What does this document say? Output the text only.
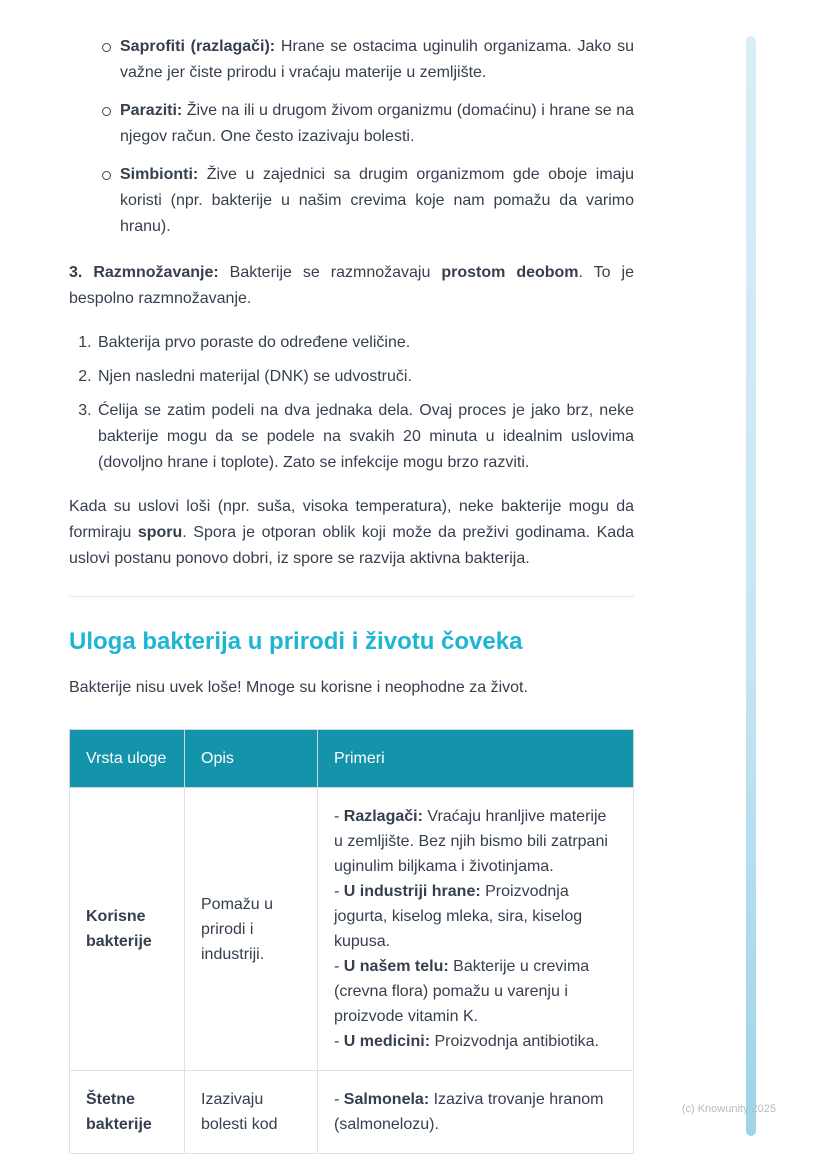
Saprofiti (razlagači): Hrane se ostacima uginulih organizama. Jako su važne jer čiste prirodu i vraćaju materije u zemljište.
Paraziti: Žive na ili u drugom živom organizmu (domaćinu) i hrane se na njegov račun. One često izazivaju bolesti.
Simbionti: Žive u zajednici sa drugim organizmom gde oboje imaju koristi (npr. bakterije u našim crevima koje nam pomažu da varimo hranu).

3. Razmnožavanje: Bakterije se razmnožavaju prostom deobom. To je bespolno razmnožavanje.

1. Bakterija prvo poraste do određene veličine.
2. Njen nasledni materijal (DNK) se udvostruči.
3. Ćelija se zatim podeli na dva jednaka dela. Ovaj proces je jako brz, neke bakterije mogu da se podele na svakih 20 minuta u idealnim uslovima (dovoljno hrane i toplote). Zato se infekcije mogu brzo razviti.

Kada su uslovi loši (npr. suša, visoka temperatura), neke bakterije mogu da formiraju sporu. Spora je otporan oblik koji može da preživi godinama. Kada uslovi postanu ponovo dobri, iz spore se razvija aktivna bakterija.

Uloga bakterija u prirodi i životu čoveka

Bakterije nisu uvek loše! Mnoge su korisne i neophodne za život.

Vrsta uloge	Opis	Primeri
Korisne bakterije	Pomažu u prirodi i industriji.	- Razlagači: Vraćaju hranljive materije u zemljište. Bez njih bismo bili zatrpani uginulim biljkama i životinjama.
- U industriji hrane: Proizvodnja jogurta, kiselog mleka, sira, kiselog kupusa.
- U našem telu: Bakterije u crevima (crevna flora) pomažu u varenju i proizvode vitamin K.
- U medicini: Proizvodnja antibiotika.

Štetne bakterije	Izazivaju bolesti kod	- Salmonela: Izaziva trovanje hranom (salmonelozu).
(c) Knowunity 2025
